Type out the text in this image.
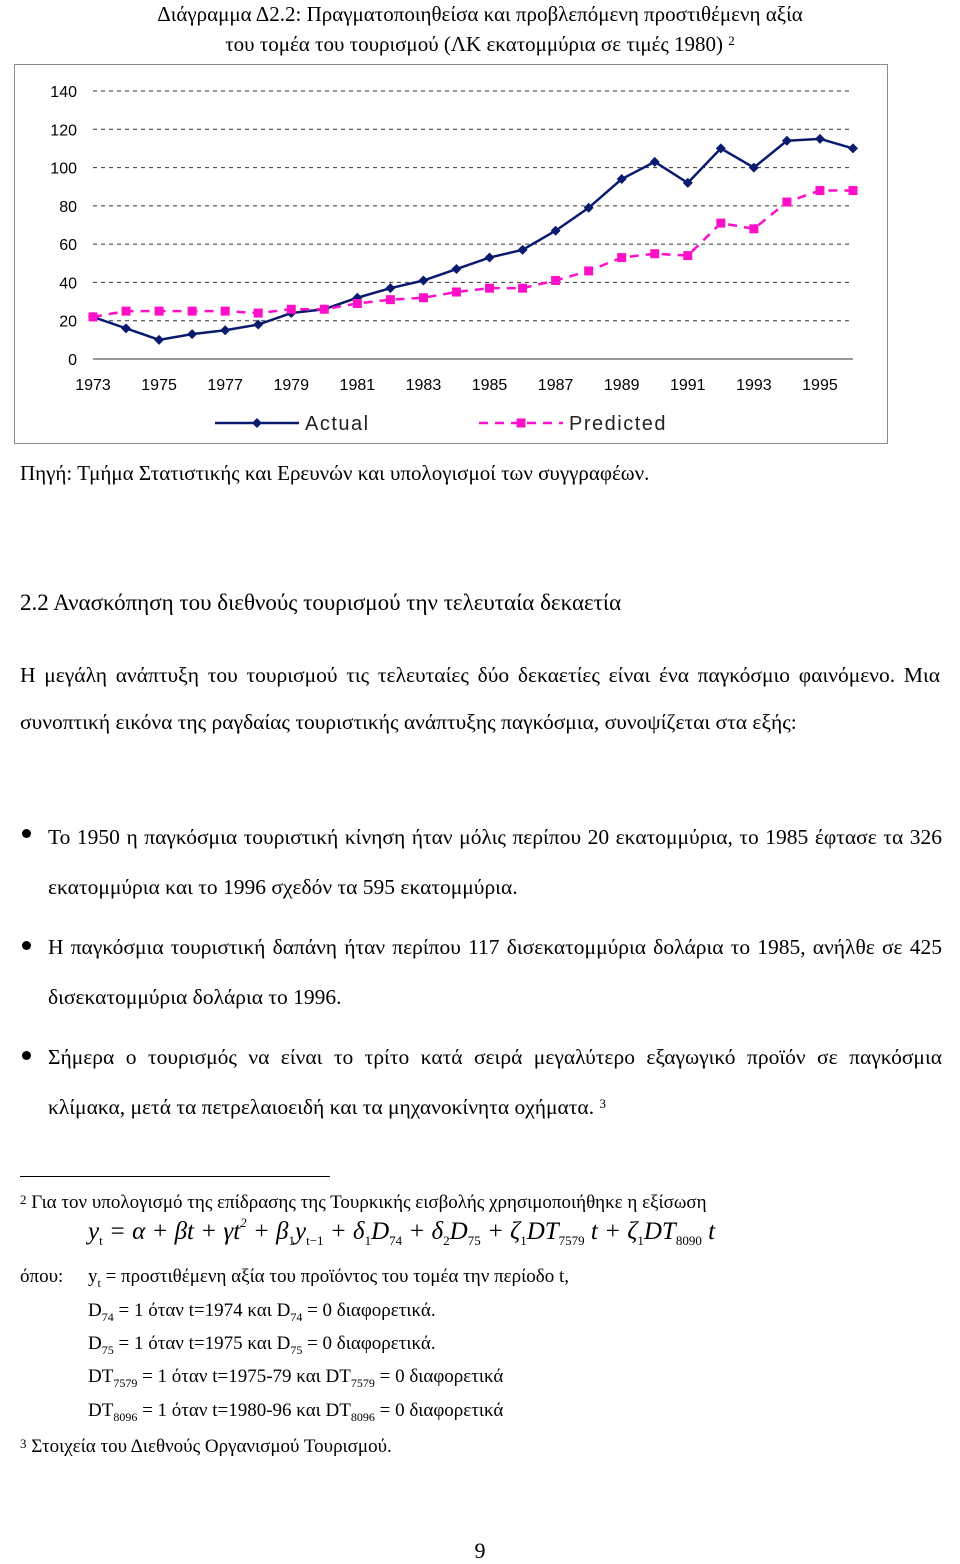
Διάγραμμα Δ2.2: Πραγματοποιηθείσα και προβλεπόμενη προστιθέμενη αξία
του τομέα του τουρισμού (ΛΚ εκατομμύρια σε τιμές 1980) $^2$
0
20
40
60
80
100
120
140
1973 1975 1977 1979 1981 1983 1985 1987 1989 1991 1993 1995
Actual	Predicted
Πηγή: Τμήμα Στατιστικής και Ερευνών και υπολογισμοί των συγγραφέων.
2.2 Ανασκόπηση του διεθνούς τουρισμού την τελευταία δεκαετία
Η μεγάλη ανάπτυξη του τουρισμού τις τελευταίες δύο δεκαετίες είναι ένα παγκόσμιο φαινόμενο. Μια συνοπτική εικόνα της ραγδαίας τουριστικής ανάπτυξης παγκόσμια, συνοψίζεται στα εξής:
Το 1950 η παγκόσμια τουριστική κίνηση ήταν μόλις περίπου 20 εκατομμύρια, το 1985 έφτασε τα 326 εκατομμύρια και το 1996 σχεδόν τα 595 εκατομμύρια.
Η παγκόσμια τουριστική δαπάνη ήταν περίπου 117 δισεκατομμύρια δολάρια το 1985, ανήλθε σε 425 δισεκατομμύρια δολάρια το 1996.
Σήμερα ο τουρισμός να είναι το τρίτο κατά σειρά μεγαλύτερο εξαγωγικό προϊόν σε παγκόσμια κλίμακα, μετά τα πετρελαιοειδή και τα μηχανοκίνητα οχήματα. $^3$
$^2$ Για τον υπολογισμό της επίδρασης της Τουρκικής εισβολής χρησιμοποιήθηκε η εξίσωση
$y_t = \alpha + \beta t + \gamma t^2 + \beta_1y_{t-1} + \delta_1D_{74} + \delta_2D_{75} + \zeta_1DT_{7579}$ $t + \zeta_1DT_{8090}$ t
όπου: $y_t = \pi\rho o\sigma\tau\iota\theta έ\mu\varepsilon\nu\eta$ αξία του προϊόντος του τομέα την περίοδο t,
$D_{74} = 1$ όταν t=1974 και $D_{74} = 0$ διαφορετικά.
$D_{75} = 1$ όταν t=1975 και $D_{75} = 0$ διαφορετικά.
$DT_{7579} = 1$ όταν t=1975-79 και $DT_{7579} = 0$ διαφορετικά
$DT_{8096} = 1$ όταν t=1980-96 και $DT_{8096} = 0$ διαφορετικά
$^3$ Στοιχεία του Διεθνούς Οργανισμού Τουρισμού.
9
